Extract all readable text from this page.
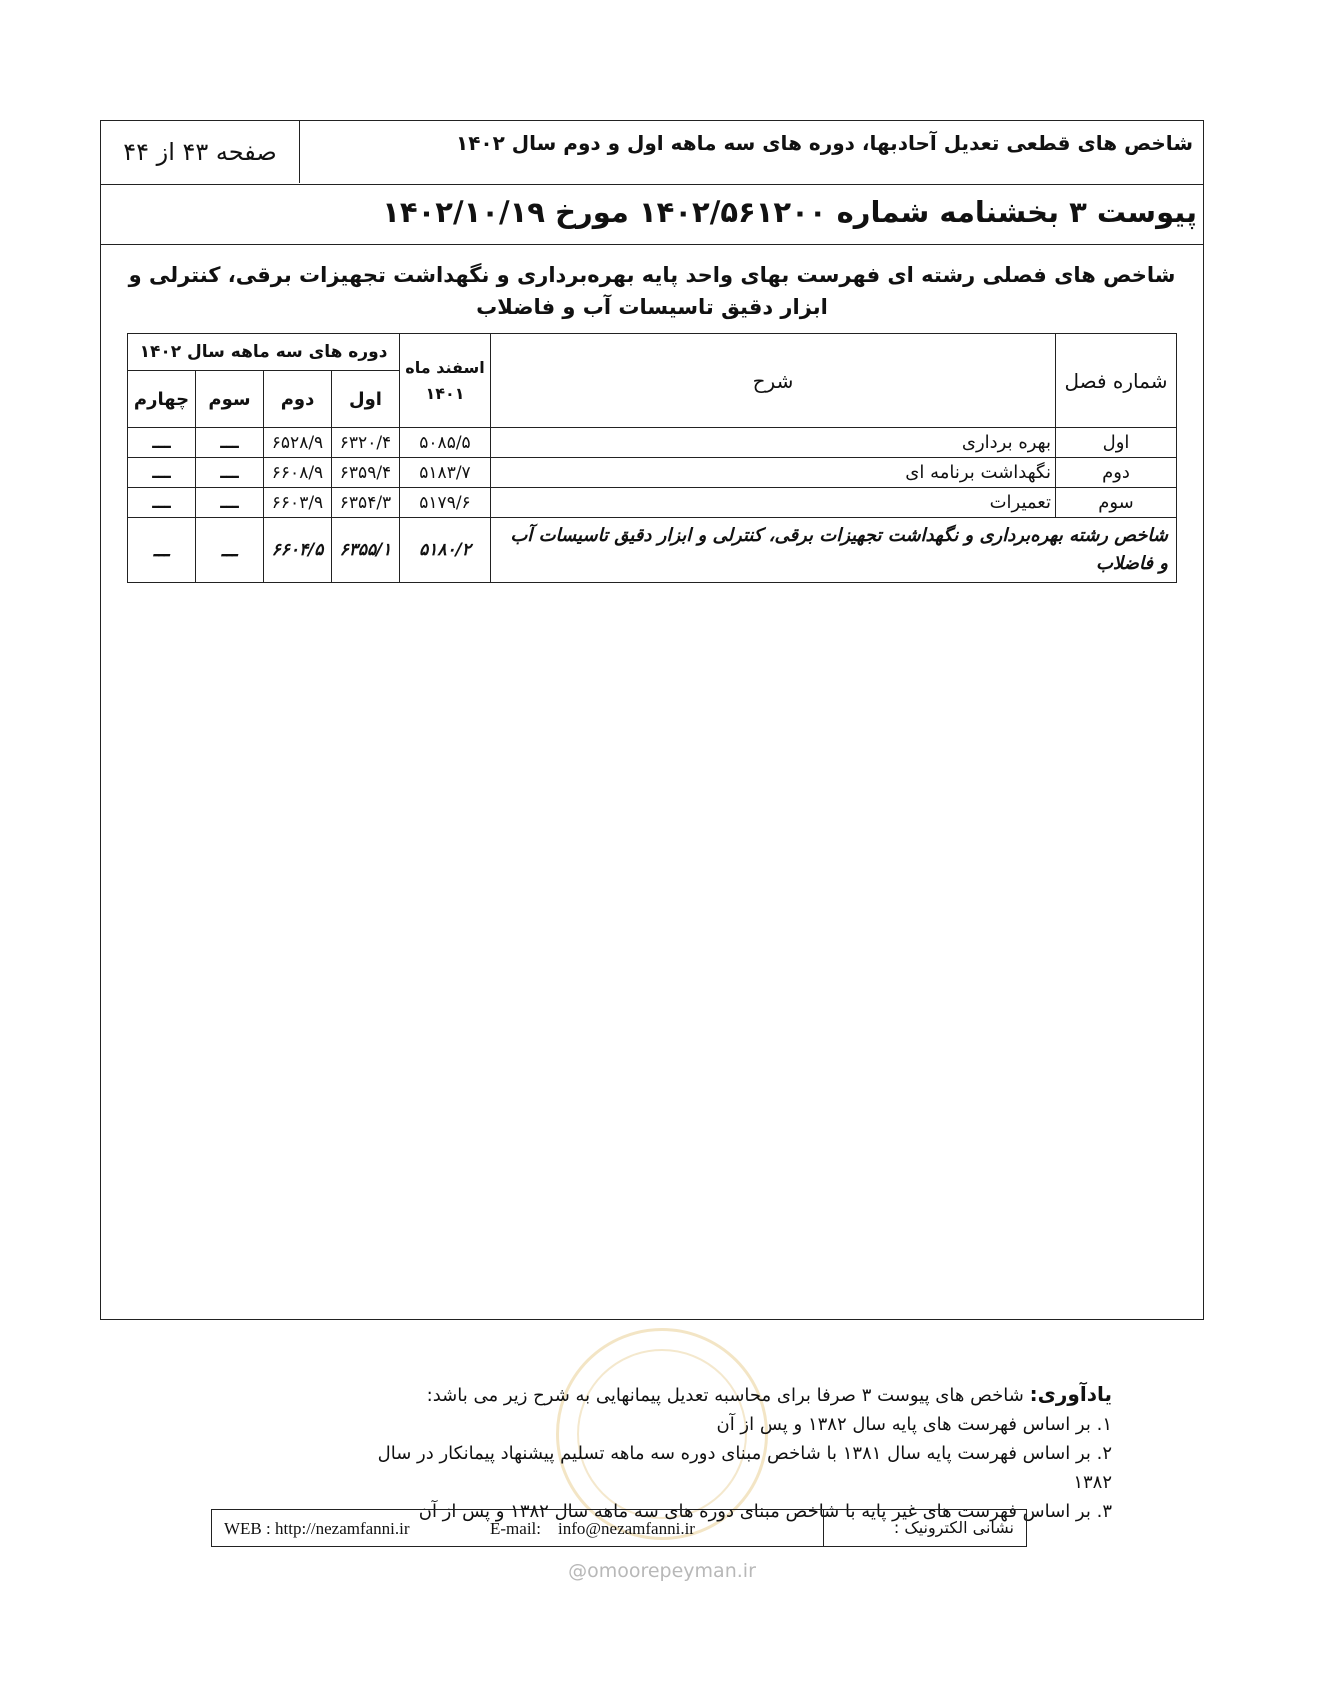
صفحه ۴۳ از ۴۴	شاخص های قطعی تعدیل آحادبها، دوره های سه ماهه اول و دوم سال ۱۴۰۲
پیوست ۳ بخشنامه شماره ۱۴۰۲/۵۶۱۲۰۰ مورخ ۱۴۰۲/۱۰/۱۹
شاخص های فصلی رشته ای فهرست بهای واحد پایه بهره‌برداری و نگهداشت تجهیزات برقی، کنترلی و ابزار دقیق تاسیسات آب و فاضلاب
شماره فصل	شرح	اسفند ماه ۱۴۰۱	دوره های سه ماهه سال ۱۴۰۲			
			اول	دوم	سوم	چهارم
اول	بهره برداری	۵۰۸۵/۵	۶۳۲۰/۴	۶۵۲۸/۹	ـــ	ـــ
دوم	نگهداشت برنامه ای	۵۱۸۳/۷	۶۳۵۹/۴	۶۶۰۸/۹	ـــ	ـــ
سوم	تعمیرات	۵۱۷۹/۶	۶۳۵۴/۳	۶۶۰۳/۹	ـــ	ـــ
شاخص رشته بهره‌برداری و نگهداشت تجهیزات برقی، کنترلی و ابزار دقیق تاسیسات آب و فاضلاب		۵۱۸۰/۲	۶۳۵۵/۱	۶۶۰۴/۵	ـــ	ـــ
یادآوری: شاخص های پیوست ۳ صرفا برای محاسبه تعدیل پیمانهایی به شرح زیر می باشد:
۱. بر اساس فهرست های پایه سال ۱۳۸۲ و پس از آن
۲. بر اساس فهرست پایه سال ۱۳۸۱ با شاخص مبنای دوره سه ماهه تسلیم پیشنهاد پیمانکار در سال ۱۳۸۲
۳. بر اساس فهرست های غیر پایه با شاخص مبنای دوره های سه ماهه سال ۱۳۸۲ و پس از آن
WEB : http://nezamfanni.ir	E-mail: info@nezamfanni.ir	نشانی الکترونیک :
@omoorepeyman.ir
